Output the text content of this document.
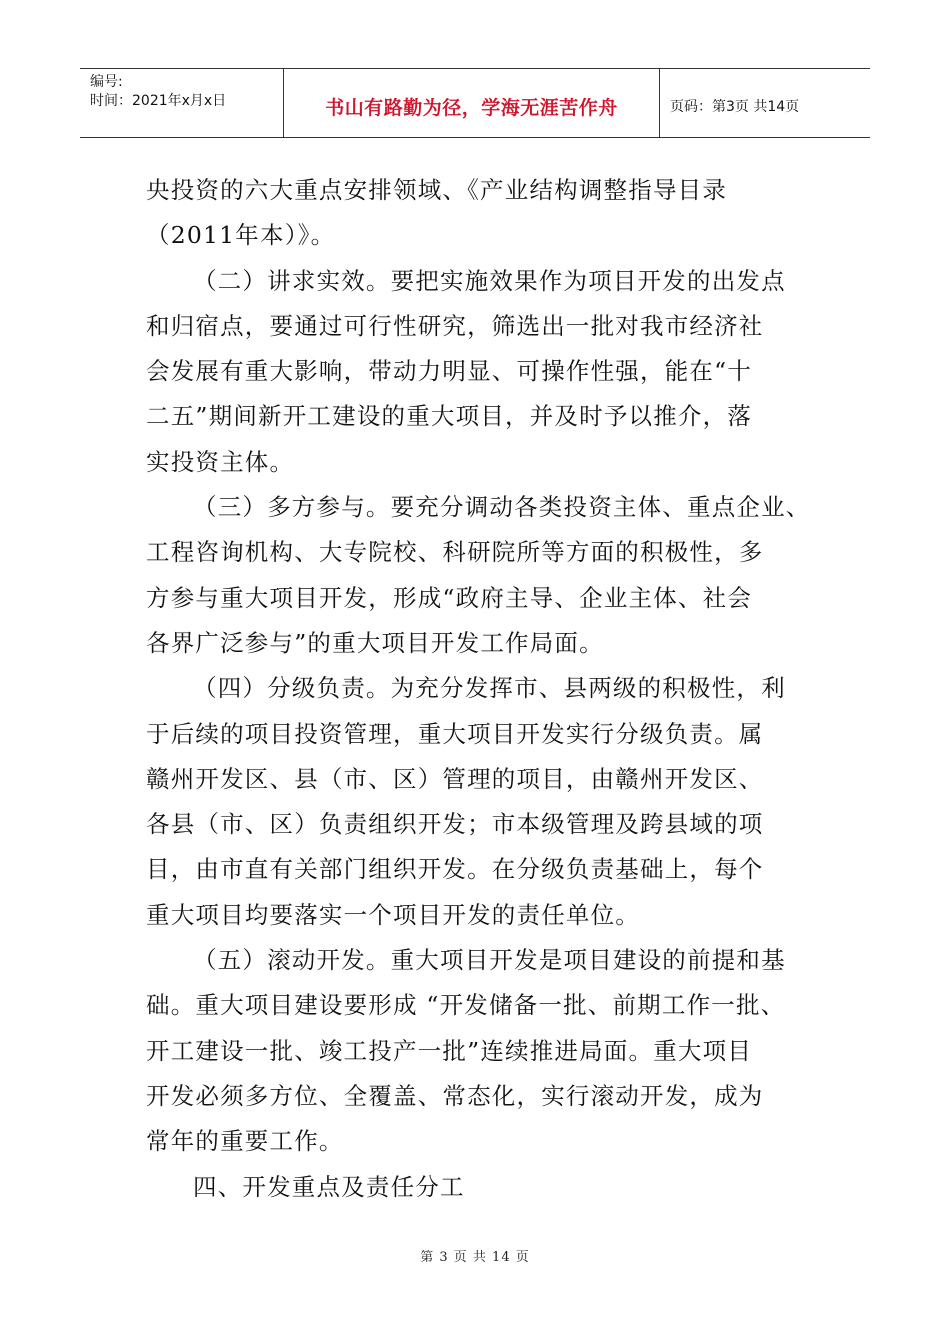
编号:
时间：2021年x月x日	书山有路勤为径，学海无涯苦作舟	页码：第3页 共14页
央投资的六大重点安排领域、《产业结构调整指导目录
（2011年本）》。
（二）讲求实效。要把实施效果作为项目开发的出发点
和归宿点，要通过可行性研究，筛选出一批对我市经济社
会发展有重大影响，带动力明显、可操作性强，能在“十
二五”期间新开工建设的重大项目，并及时予以推介，落
实投资主体。
（三）多方参与。要充分调动各类投资主体、重点企业、
工程咨询机构、大专院校、科研院所等方面的积极性，多
方参与重大项目开发，形成“政府主导、企业主体、社会
各界广泛参与”的重大项目开发工作局面。
（四）分级负责。为充分发挥市、县两级的积极性，利
于后续的项目投资管理，重大项目开发实行分级负责。属
赣州开发区、县（市、区）管理的项目，由赣州开发区、
各县（市、区）负责组织开发；市本级管理及跨县域的项
目，由市直有关部门组织开发。在分级负责基础上，每个
重大项目均要落实一个项目开发的责任单位。
（五）滚动开发。重大项目开发是项目建设的前提和基
础。重大项目建设要形成 “开发储备一批、前期工作一批、
开工建设一批、竣工投产一批”连续推进局面。重大项目
开发必须多方位、全覆盖、常态化，实行滚动开发，成为
常年的重要工作。
四、开发重点及责任分工
第 3 页 共 14 页
